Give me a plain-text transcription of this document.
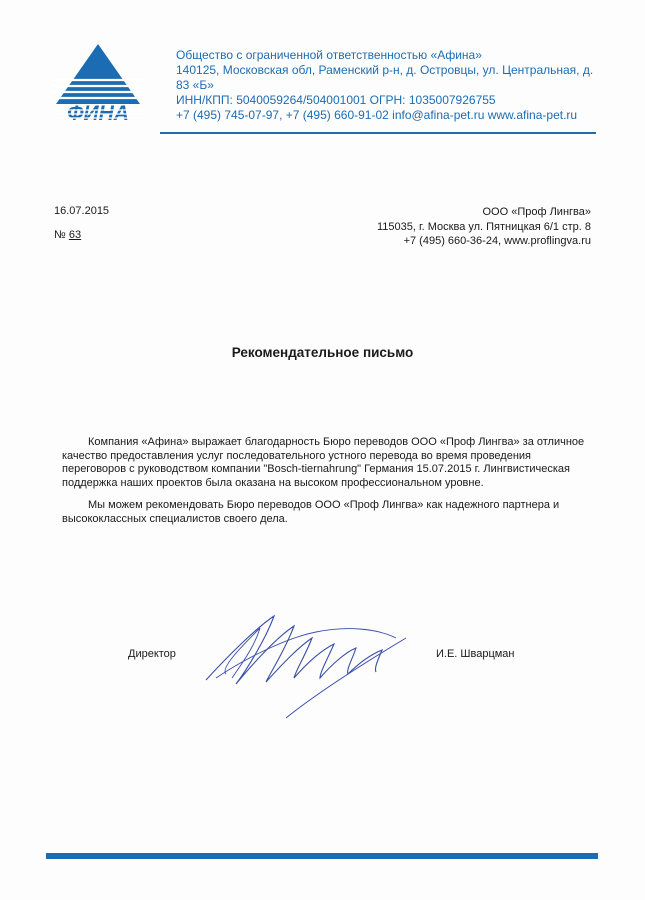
ФИНА
Общество с ограниченной ответственностью «Афина»
140125, Московская обл, Раменский р-н, д. Островцы, ул. Центральная, д. 83 «Б»
ИНН/КПП: 5040059264/504001001 ОГРН: 1035007926755
+7 (495) 745-07-97, +7 (495) 660-91-02 info@afina-pet.ru www.afina-pet.ru
16.07.2015
№ 63
ООО «Проф Лингва»
115035, г. Москва ул. Пятницкая 6/1 стр. 8
+7 (495) 660-36-24, www.proflingva.ru
Рекомендательное письмо

Компания «Афина» выражает благодарность Бюро переводов ООО «Проф Лингва» за отличное качество предоставления услуг последовательного устного перевода во время проведения переговоров с руководством компании "Bosch-tiernahrung" Германия 15.07.2015 г. Лингвистическая поддержка наших проектов была оказана на высоком профессиональном уровне.

Мы можем рекомендовать Бюро переводов ООО «Проф Лингва» как надежного партнера и высококлассных специалистов своего дела.

Директор	И.Е. Шварцман
